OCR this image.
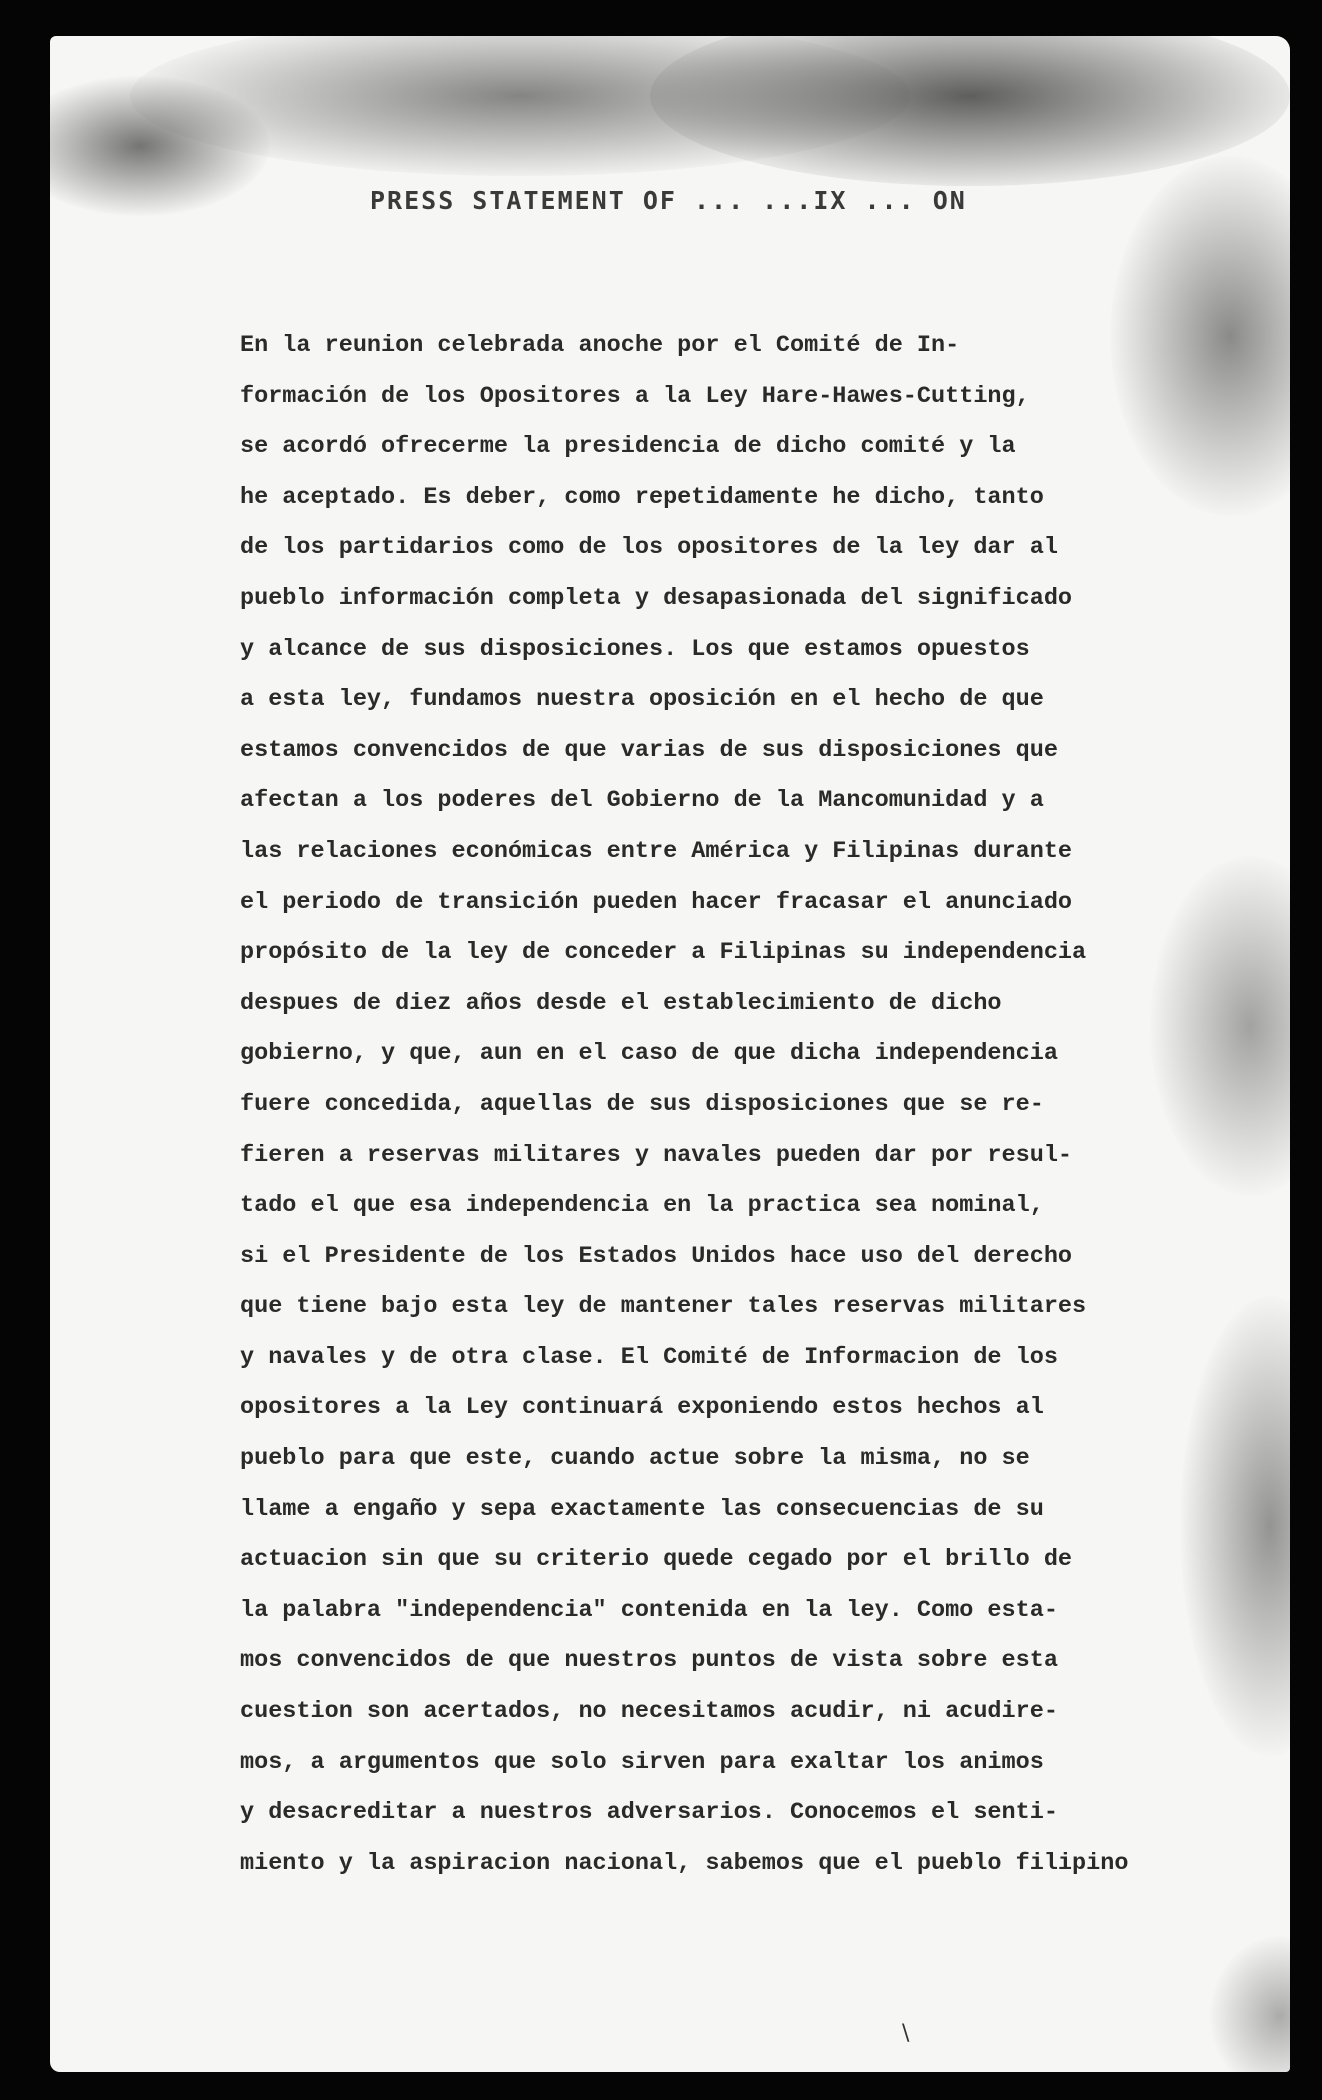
PRESS STATEMENT OF ... ...IX ... ON
En la reunion celebrada anoche por el Comité de In-
formación de los Opositores a la Ley Hare-Hawes-Cutting,
se acordó ofrecerme la presidencia de dicho comité y la
he aceptado. Es deber, como repetidamente he dicho, tanto
de los partidarios como de los opositores de la ley dar al
pueblo información completa y desapasionada del significado
y alcance de sus disposiciones. Los que estamos opuestos
a esta ley, fundamos nuestra oposición en el hecho de que
estamos convencidos de que varias de sus disposiciones que
afectan a los poderes del Gobierno de la Mancomunidad y a
las relaciones económicas entre América y Filipinas durante
el periodo de transición pueden hacer fracasar el anunciado
propósito de la ley de conceder a Filipinas su independencia
despues de diez años desde el establecimiento de dicho
gobierno, y que, aun en el caso de que dicha independencia
fuere concedida, aquellas de sus disposiciones que se re-
fieren a reservas militares y navales pueden dar por resul-
tado el que esa independencia en la practica sea nominal,
si el Presidente de los Estados Unidos hace uso del derecho
que tiene bajo esta ley de mantener tales reservas militares
y navales y de otra clase. El Comité de Informacion de los
opositores a la Ley continuará exponiendo estos hechos al
pueblo para que este, cuando actue sobre la misma, no se
llame a engaño y sepa exactamente las consecuencias de su
actuacion sin que su criterio quede cegado por el brillo de
la palabra "independencia" contenida en la ley. Como esta-
mos convencidos de que nuestros puntos de vista sobre esta
cuestion son acertados, no necesitamos acudir, ni acudire-
mos, a argumentos que solo sirven para exaltar los animos
y desacreditar a nuestros adversarios. Conocemos el senti-
miento y la aspiracion nacional, sabemos que el pueblo filipino
\
